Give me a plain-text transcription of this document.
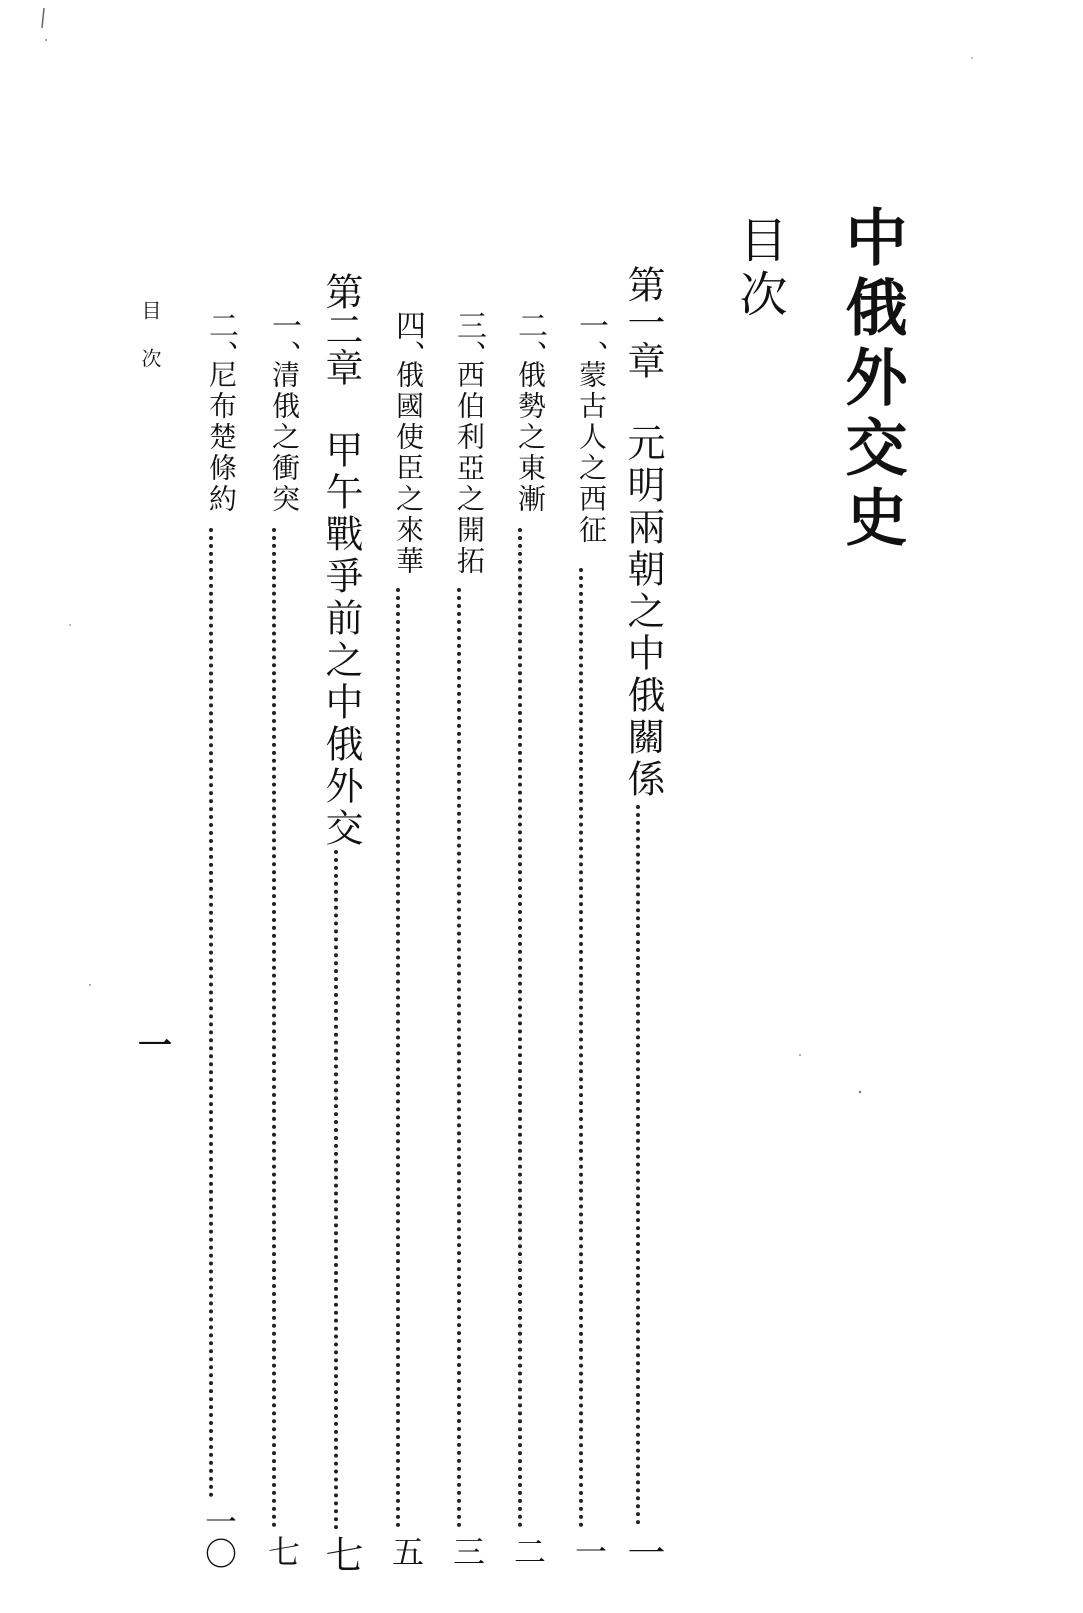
中俄外交史
目次
第一章
元明兩朝之中俄關係
一
一、
蒙古人之西征
一
二、
俄勢之東漸
二
三、
西伯利亞之開拓
三
四、
俄國使臣之來華
五
第二章
甲午戰爭前之中俄外交
七
一、
清俄之衝突
七
二、
尼布楚條約
一〇
目次
一
